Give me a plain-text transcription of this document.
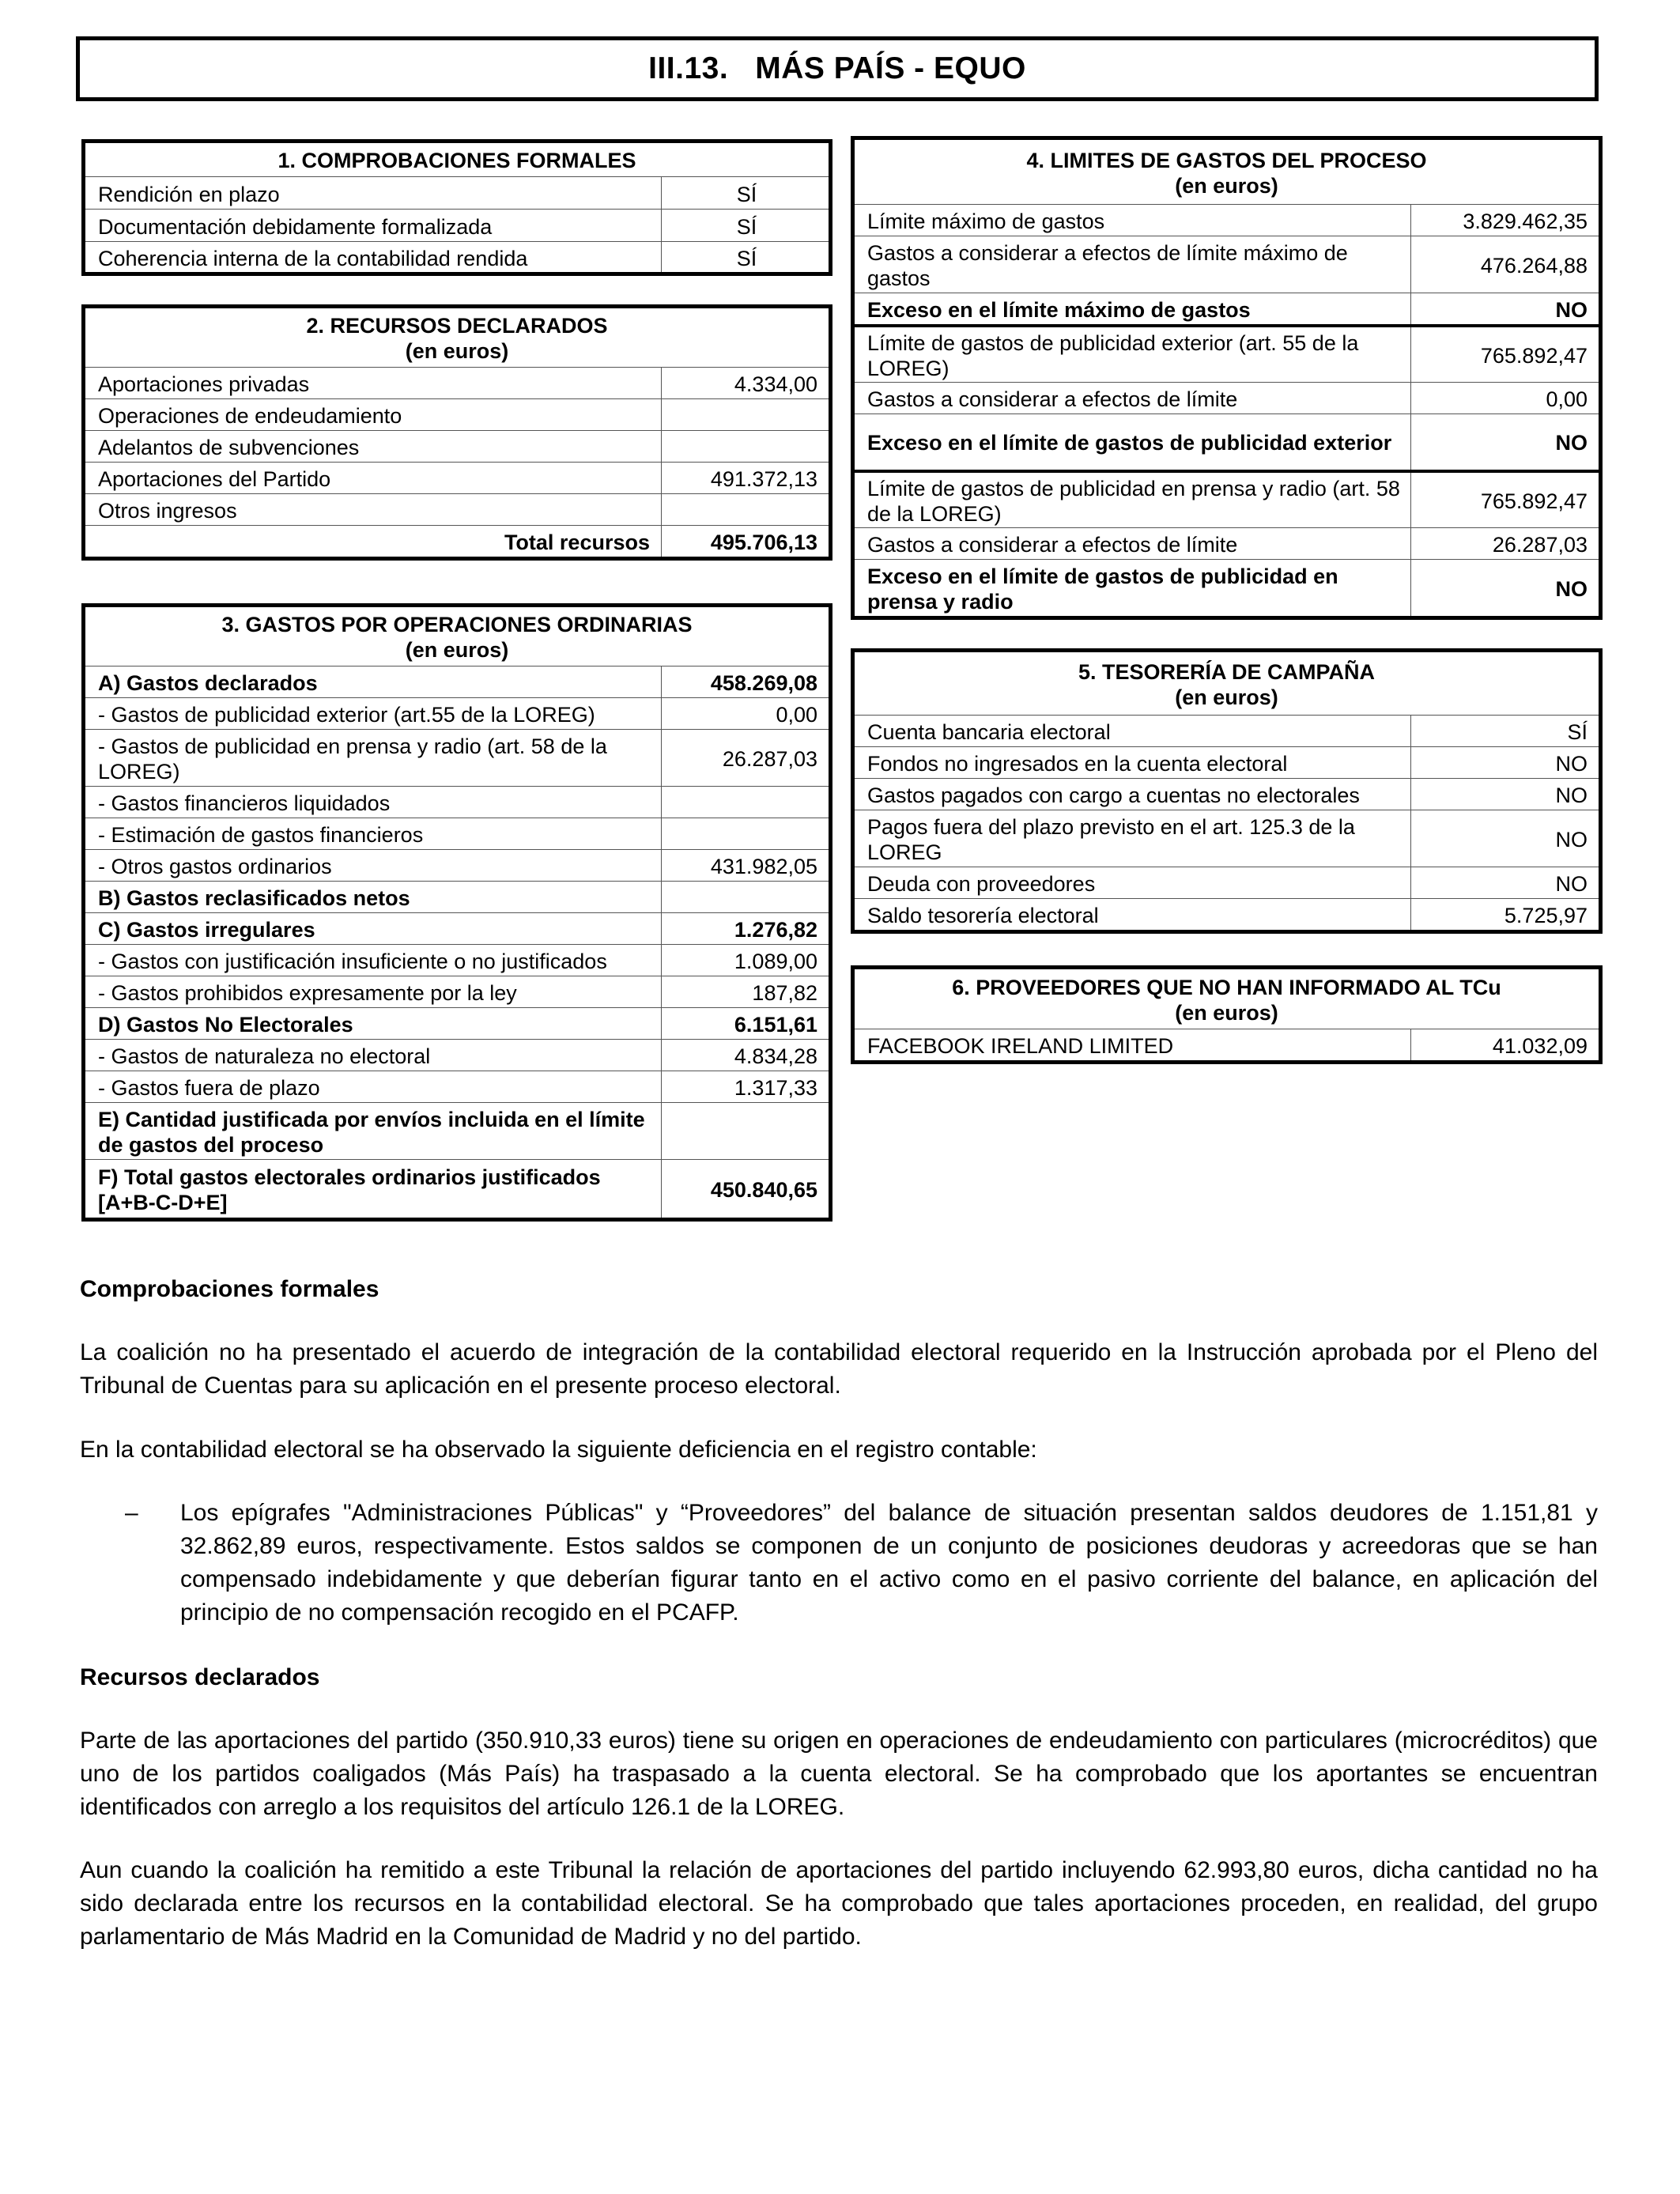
III.13. MÁS PAÍS - EQUO
1. COMPROBACIONES FORMALES	
Rendición en plazo	SÍ
Documentación debidamente formalizada	SÍ
Coherencia interna de la contabilidad rendida	SÍ
2. RECURSOS DECLARADOS
(en euros)	

Aportaciones privadas	4.334,00
Operaciones de endeudamiento	
Adelantos de subvenciones	
Aportaciones del Partido	491.372,13
Otros ingresos	
Total recursos	495.706,13
3. GASTOS POR OPERACIONES ORDINARIAS
(en euros)	

A) Gastos declarados	458.269,08
- Gastos de publicidad exterior (art.55 de la LOREG)	0,00
- Gastos de publicidad en prensa y radio (art. 58 de la LOREG)	26.287,03
- Gastos financieros liquidados	
- Estimación de gastos financieros	
- Otros gastos ordinarios	431.982,05
B) Gastos reclasificados netos	
C) Gastos irregulares	1.276,82
- Gastos con justificación insuficiente o no justificados	1.089,00
- Gastos prohibidos expresamente por la ley	187,82
D) Gastos No Electorales	6.151,61
- Gastos de naturaleza no electoral	4.834,28
- Gastos fuera de plazo	1.317,33
E) Cantidad justificada por envíos incluida en el límite de gastos del proceso	
F) Total gastos electorales ordinarios justificados [A+B-C-D+E]	450.840,65
4. LIMITES DE GASTOS DEL PROCESO
(en euros)	

Límite máximo de gastos	3.829.462,35
Gastos a considerar a efectos de límite máximo de gastos	476.264,88
Exceso en el límite máximo de gastos	NO
Límite de gastos de publicidad exterior (art. 55 de la LOREG)	765.892,47
Gastos a considerar a efectos de límite	0,00
Exceso en el límite de gastos de publicidad exterior	NO
Límite de gastos de publicidad en prensa y radio (art. 58 de la LOREG)	765.892,47
Gastos a considerar a efectos de límite	26.287,03
Exceso en el límite de gastos de publicidad en prensa y radio	NO
5. TESORERÍA DE CAMPAÑA
(en euros)	

Cuenta bancaria electoral	SÍ
Fondos no ingresados en la cuenta electoral	NO
Gastos pagados con cargo a cuentas no electorales	NO
Pagos fuera del plazo previsto en el art. 125.3 de la LOREG	NO
Deuda con proveedores	NO
Saldo tesorería electoral	5.725,97
6. PROVEEDORES QUE NO HAN INFORMADO AL TCu
(en euros)

FACEBOOK IRELAND LIMITED	41.032,09
Comprobaciones formales
La coalición no ha presentado el acuerdo de integración de la contabilidad electoral requerido en la Instrucción aprobada por el Pleno del Tribunal de Cuentas para su aplicación en el presente proceso electoral.
En la contabilidad electoral se ha observado la siguiente deficiencia en el registro contable:
– Los epígrafes "Administraciones Públicas" y “Proveedores” del balance de situación presentan saldos deudores de 1.151,81 y 32.862,89 euros, respectivamente. Estos saldos se componen de un conjunto de posiciones deudoras y acreedoras que se han compensado indebidamente y que deberían figurar tanto en el activo como en el pasivo corriente del balance, en aplicación del principio de no compensación recogido en el PCAFP.
Recursos declarados
Parte de las aportaciones del partido (350.910,33 euros) tiene su origen en operaciones de endeudamiento con particulares (microcréditos) que uno de los partidos coaligados (Más País) ha traspasado a la cuenta electoral. Se ha comprobado que los aportantes se encuentran identificados con arreglo a los requisitos del artículo 126.1 de la LOREG.
Aun cuando la coalición ha remitido a este Tribunal la relación de aportaciones del partido incluyendo 62.993,80 euros, dicha cantidad no ha sido declarada entre los recursos en la contabilidad electoral. Se ha comprobado que tales aportaciones proceden, en realidad, del grupo parlamentario de Más Madrid en la Comunidad de Madrid y no del partido.
